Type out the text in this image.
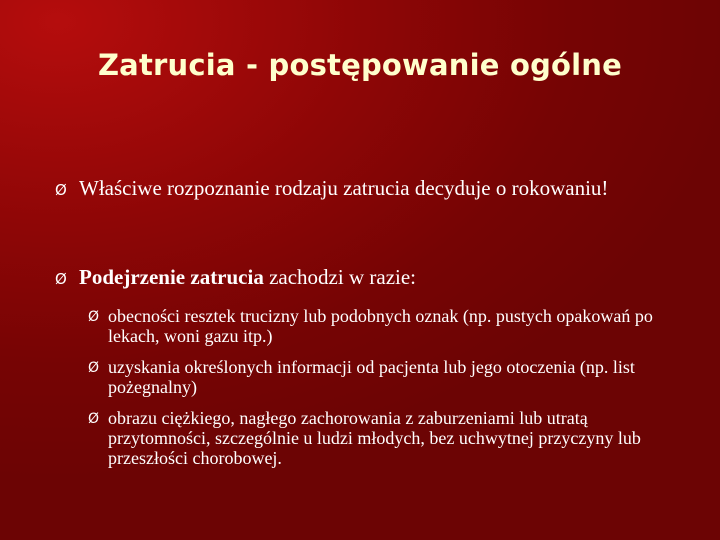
Zatrucia - postępowanie ogólne
Ø Właściwe rozpoznanie rodzaju zatrucia decyduje o rokowaniu!
Ø Podejrzenie zatrucia zachodzi w razie:
Ø obecności resztek trucizny lub podobnych oznak (np. pustych opakowań po lekach, woni gazu itp.)
Ø uzyskania określonych informacji od pacjenta lub jego otoczenia (np. list pożegnalny)
Ø obrazu ciężkiego, nagłego zachorowania z zaburzeniami lub utratą przytomności, szczególnie u ludzi młodych, bez uchwytnej przyczyny lub przeszłości chorobowej.
